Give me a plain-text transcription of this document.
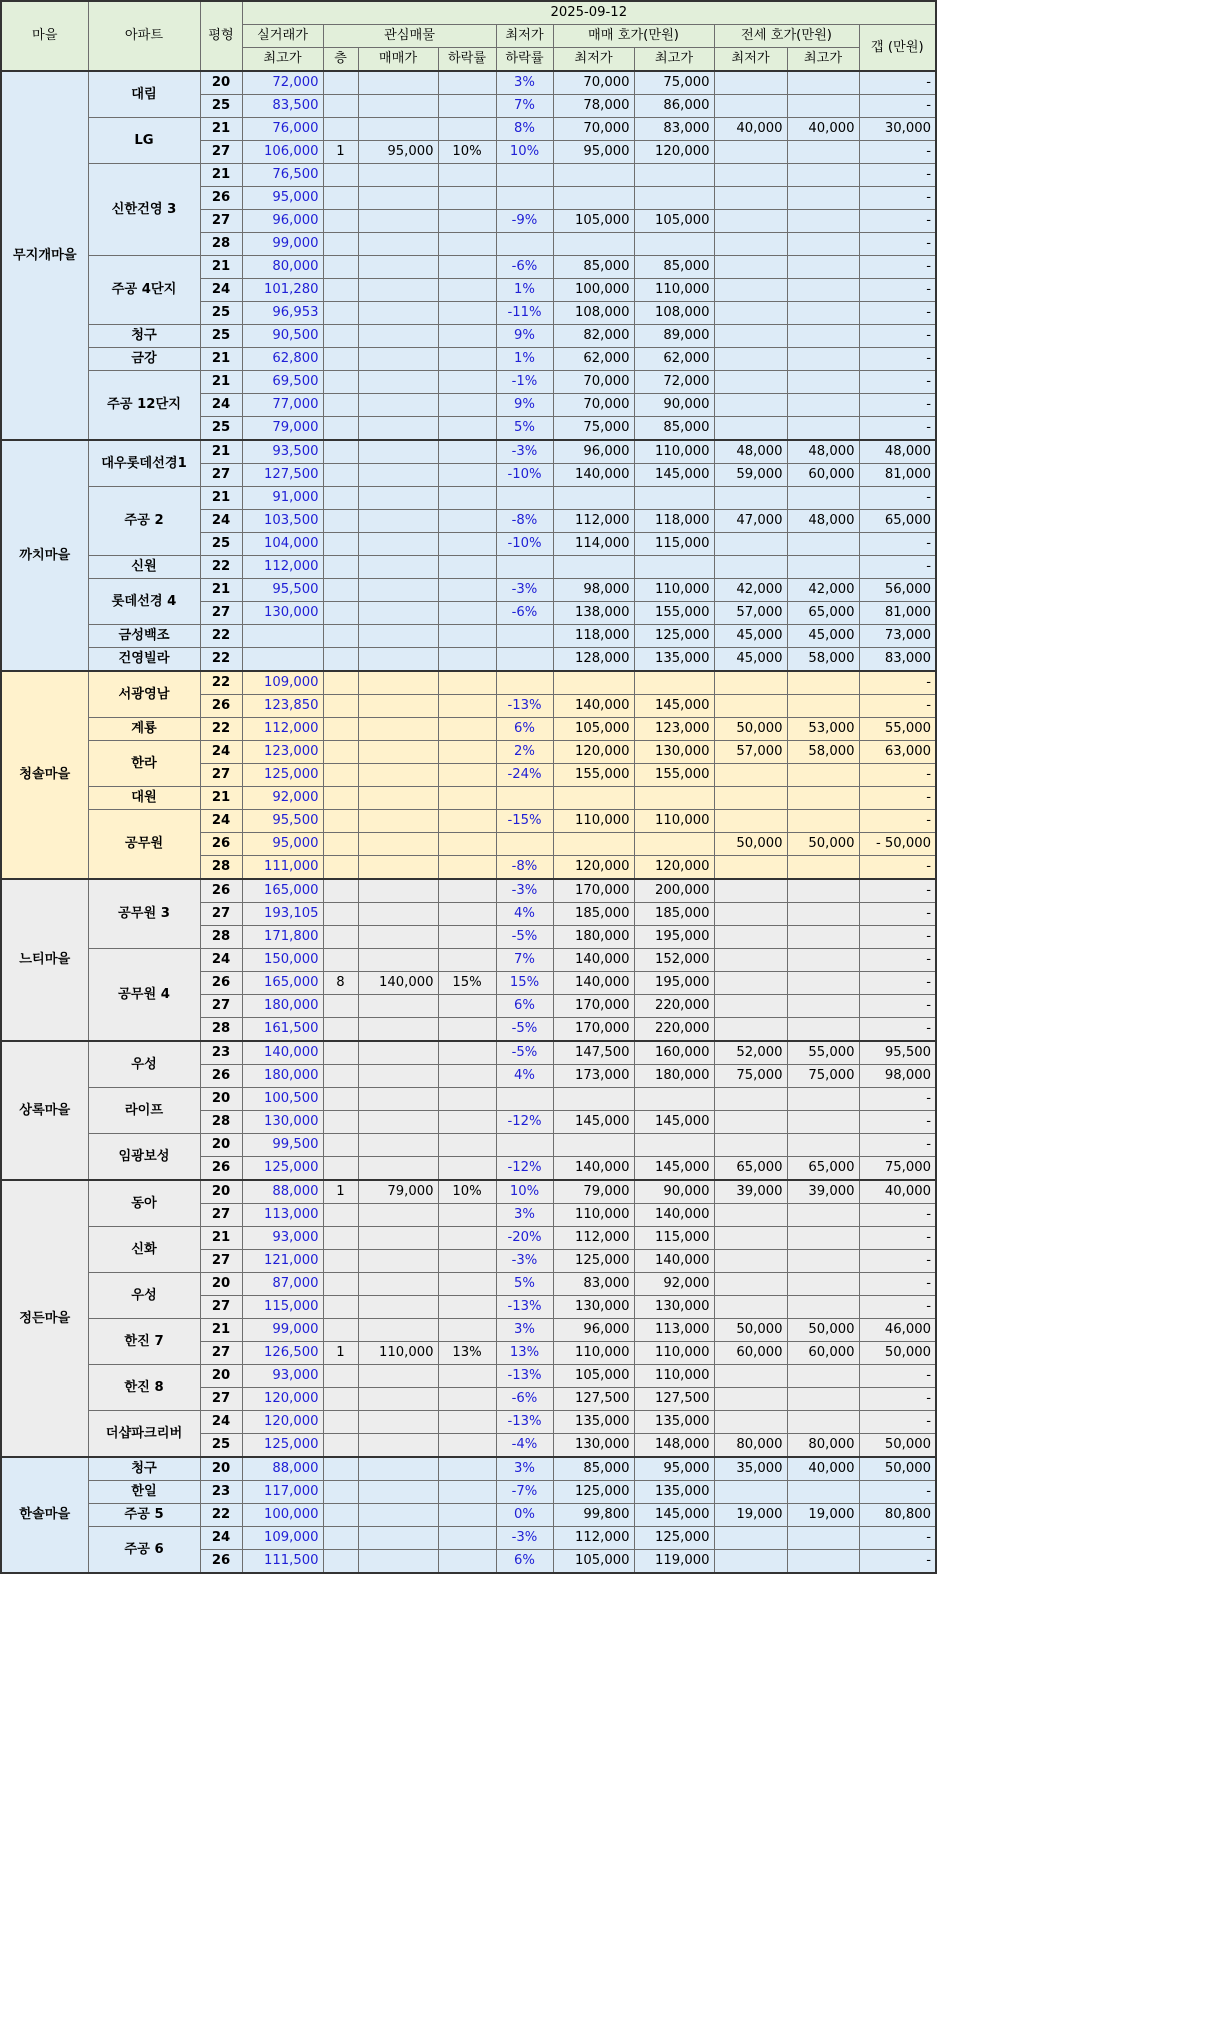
마을	아파트	평형	2025-09-12									
			실거래가	관심매물			최저가	매매 호가(만원)		전세 호가(만원)		갭 (만원)
			최고가	층	매매가	하락률	하락률	최저가	최고가	최저가	최고가	
무지개마을	대림	20	72,000				3%	70,000	75,000			-
		25	83,500				7%	78,000	86,000			-
	LG	21	76,000				8%	70,000	83,000	40,000	40,000	30,000
		27	106,000	1	95,000	10%	10%	95,000	120,000			-
	신한건영 3	21	76,500									-
		26	95,000									-
		27	96,000				-9%	105,000	105,000			-
		28	99,000									-
	주공 4단지	21	80,000				-6%	85,000	85,000			-
		24	101,280				1%	100,000	110,000			-
		25	96,953				-11%	108,000	108,000			-
	청구	25	90,500				9%	82,000	89,000			-
	금강	21	62,800				1%	62,000	62,000			-
	주공 12단지	21	69,500				-1%	70,000	72,000			-
		24	77,000				9%	70,000	90,000			-
		25	79,000				5%	75,000	85,000			-
까치마을	대우롯데선경1	21	93,500				-3%	96,000	110,000	48,000	48,000	48,000
		27	127,500				-10%	140,000	145,000	59,000	60,000	81,000
	주공 2	21	91,000									-
		24	103,500				-8%	112,000	118,000	47,000	48,000	65,000
		25	104,000				-10%	114,000	115,000			-
	신원	22	112,000									-
	롯데선경 4	21	95,500				-3%	98,000	110,000	42,000	42,000	56,000
		27	130,000				-6%	138,000	155,000	57,000	65,000	81,000
	금성백조	22						118,000	125,000	45,000	45,000	73,000
	건영빌라	22						128,000	135,000	45,000	58,000	83,000
청솔마을	서광영남	22	109,000									-
		26	123,850				-13%	140,000	145,000			-
	계룡	22	112,000				6%	105,000	123,000	50,000	53,000	55,000
	한라	24	123,000				2%	120,000	130,000	57,000	58,000	63,000
		27	125,000				-24%	155,000	155,000			-
	대원	21	92,000									-
	공무원	24	95,500				-15%	110,000	110,000			-
		26	95,000							50,000	50,000	- 50,000
		28	111,000				-8%	120,000	120,000			-
느티마을	공무원 3	26	165,000				-3%	170,000	200,000			-
		27	193,105				4%	185,000	185,000			-
		28	171,800				-5%	180,000	195,000			-
	공무원 4	24	150,000				7%	140,000	152,000			-
		26	165,000	8	140,000	15%	15%	140,000	195,000			-
		27	180,000				6%	170,000	220,000			-
		28	161,500				-5%	170,000	220,000			-
상록마을	우성	23	140,000				-5%	147,500	160,000	52,000	55,000	95,500
		26	180,000				4%	173,000	180,000	75,000	75,000	98,000
	라이프	20	100,500									-
		28	130,000				-12%	145,000	145,000			-
	임광보성	20	99,500									-
		26	125,000				-12%	140,000	145,000	65,000	65,000	75,000
정든마을	동아	20	88,000	1	79,000	10%	10%	79,000	90,000	39,000	39,000	40,000
		27	113,000				3%	110,000	140,000			-
	신화	21	93,000				-20%	112,000	115,000			-
		27	121,000				-3%	125,000	140,000			-
	우성	20	87,000				5%	83,000	92,000			-
		27	115,000				-13%	130,000	130,000			-
	한진 7	21	99,000				3%	96,000	113,000	50,000	50,000	46,000
		27	126,500	1	110,000	13%	13%	110,000	110,000	60,000	60,000	50,000
	한진 8	20	93,000				-13%	105,000	110,000			-
		27	120,000				-6%	127,500	127,500			-
	더샵파크리버	24	120,000				-13%	135,000	135,000			-
		25	125,000				-4%	130,000	148,000	80,000	80,000	50,000
한솔마을	청구	20	88,000				3%	85,000	95,000	35,000	40,000	50,000
	한일	23	117,000				-7%	125,000	135,000			-
	주공 5	22	100,000				0%	99,800	145,000	19,000	19,000	80,800
	주공 6	24	109,000				-3%	112,000	125,000			-
		26	111,500				6%	105,000	119,000			-
